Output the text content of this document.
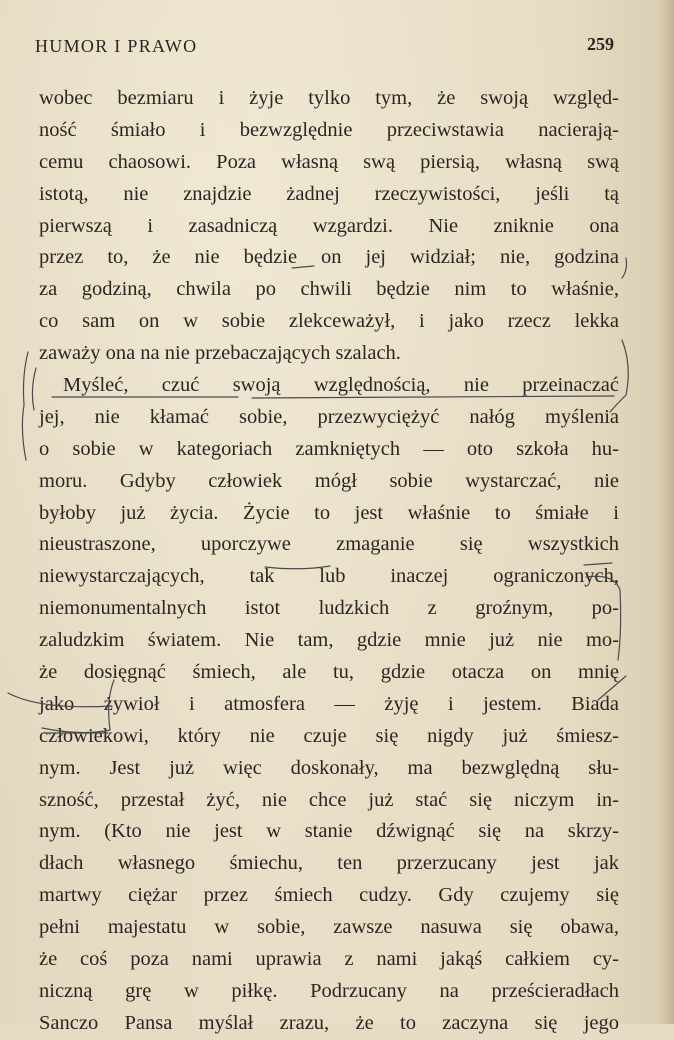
HUMOR I PRAWO	259
wobec bezmiaru i żyje tylko tym, że swoją względ-
ność śmiało i bezwzględnie przeciwstawia nacierają-
cemu chaosowi. Poza własną swą piersią, własną swą
istotą, nie znajdzie żadnej rzeczywistości, jeśli tą
pierwszą i zasadniczą wzgardzi. Nie zniknie ona
przez to, że nie będzie on jej widział; nie, godzina
za godziną, chwila po chwili będzie nim to właśnie,
co sam on w sobie zlekceważył, i jako rzecz lekka
zaważy ona na nie przebaczających szalach.
Myśleć, czuć swoją względnością, nie przeinaczać
jej, nie kłamać sobie, przezwyciężyć nałóg myślenia
o sobie w kategoriach zamkniętych — oto szkoła hu-
moru. Gdyby człowiek mógł sobie wystarczać, nie
byłoby już życia. Życie to jest właśnie to śmiałe i
nieustraszone, uporczywe zmaganie się wszystkich
niewystarczających, tak lub inaczej ograniczonych,
niemonumentalnych istot ludzkich z groźnym, po-
zaludzkim światem. Nie tam, gdzie mnie już nie mo-
że dosięgnąć śmiech, ale tu, gdzie otacza on mnię
jako żywioł i atmosfera — żyję i jestem. Biada
człowiekowi, który nie czuje się nigdy już śmiesz-
nym. Jest już więc doskonały, ma bezwględną słu-
szność, przestał żyć, nie chce już stać się niczym in-
nym. (Kto nie jest w stanie dźwignąć się na skrzy-
dłach własnego śmiechu, ten przerzucany jest jak
martwy ciężar przez śmiech cudzy. Gdy czujemy się
pełni majestatu w sobie, zawsze nasuwa się obawa,
że coś poza nami uprawia z nami jakąś całkiem cy-
niczną grę w piłkę. Podrzucany na prześcieradłach
Sanczo Pansa myślał zrazu, że to zaczyna się jego
